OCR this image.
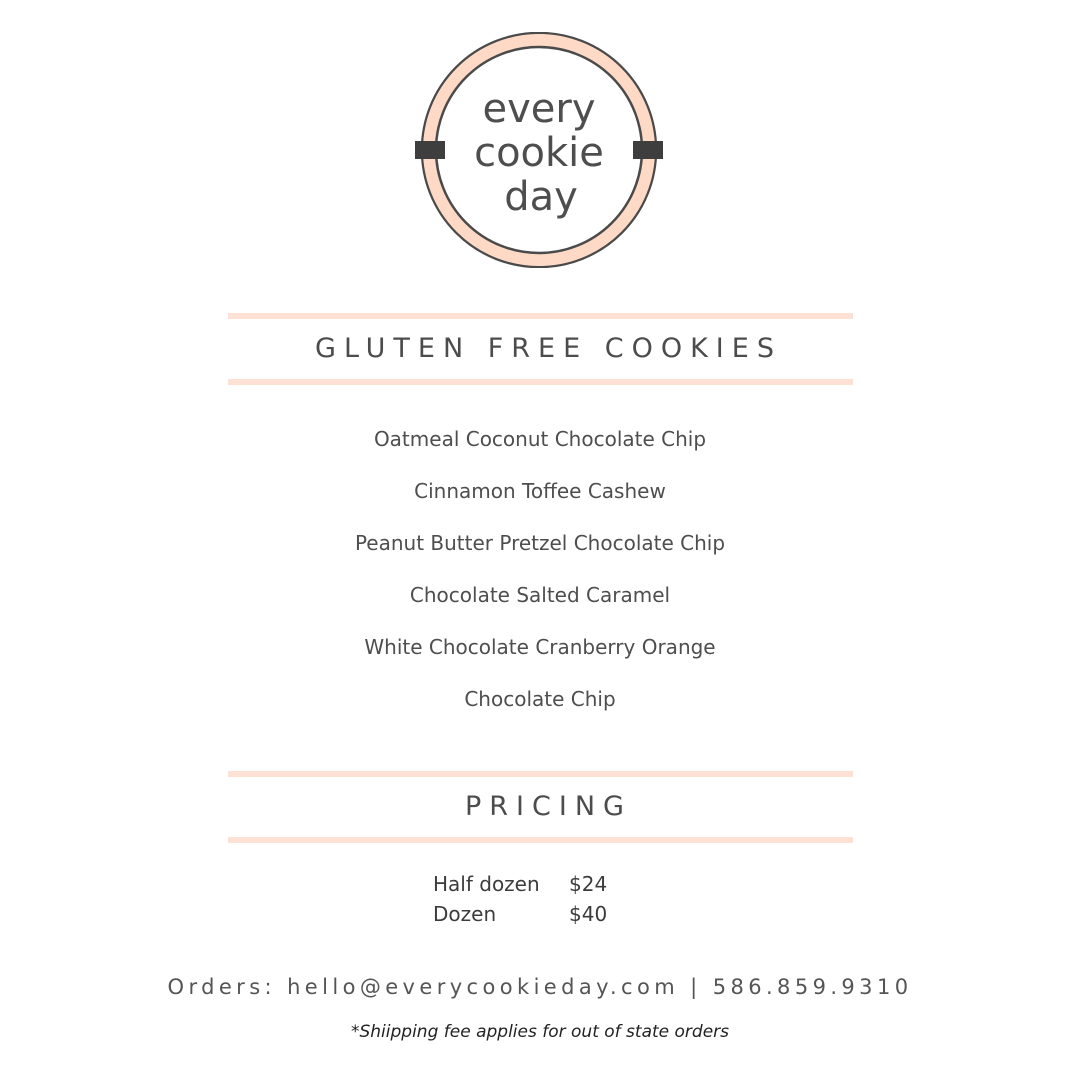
every
cookie
day
GLUTEN FREE COOKIES
Oatmeal Coconut Chocolate Chip
Cinnamon Toffee Cashew
Peanut Butter Pretzel Chocolate Chip
Chocolate Salted Caramel
White Chocolate Cranberry Orange
Chocolate Chip
PRICING
Half dozen	$24
Dozen	$40
Orders: hello@everycookieday.com | 586.859.9310
*Shiipping fee applies for out of state orders
